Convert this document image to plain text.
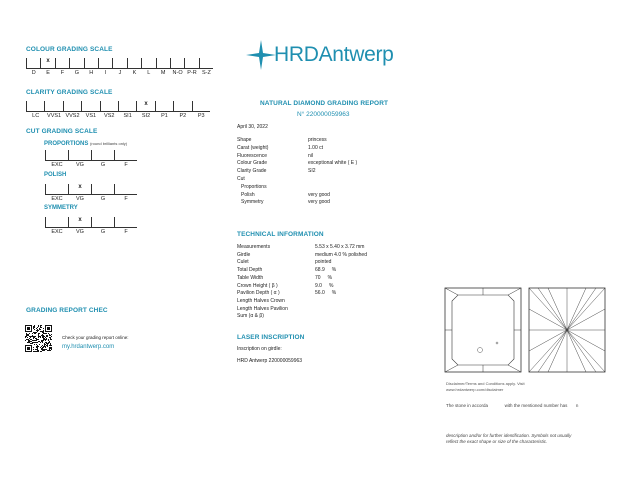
COLOUR GRADING SCALE
D
x
E	F	G	H	I	J	K	L	M	N-O P-R S-Z
CLARITY GRADING SCALE
LC	VVS1 VVS2	VS1	VS2	SI1
x
SI2	P1	P2	P3
CUT GRADING SCALE
PROPORTIONS (round brilliants only)
EXC	VG	G	F
POLISH
EXC
x
VG	G	F
SYMMETRY
EXC
x
VG	G	F
GRADING REPORT CHEC
Check your grading report online:
my.hrdantwerp.com
HRDAntwerp
NATURAL DIAMOND GRADING REPORT
N° 220000059963
April 30, 2022
Shape	princess
Carat (weight)	1.00 ct
Fluorescence	nil
Colour Grade	exceptional white ( E )
Clarity Grade	SI2
Cut
Proportions
Polish	very good
Symmetry	very good
TECHNICAL INFORMATION
Measurements	5.53 x 5.40 x 3.72 mm
Girdle	medium 4.0 % polished
Culet	pointed
Total Depth	68.9 %
Table Width	70 %
Crown Height ( β )	9.0 %
Pavilion Depth ( α )	56.0 %
Length Halves Crown
Length Halves Pavilion
Sum (α & β)
LASER INSCRIPTION
Inscription on girdle:
HRD Antwerp 220000059963
Disclaimer/Terms and Conditions apply. Visit
www.hrdantwerp.com/disclaimer
The stone in accorda	with the mentioned number has n
description and/or for further identification. Symbols not usually
reflect the exact shape or size of the characteristic.
